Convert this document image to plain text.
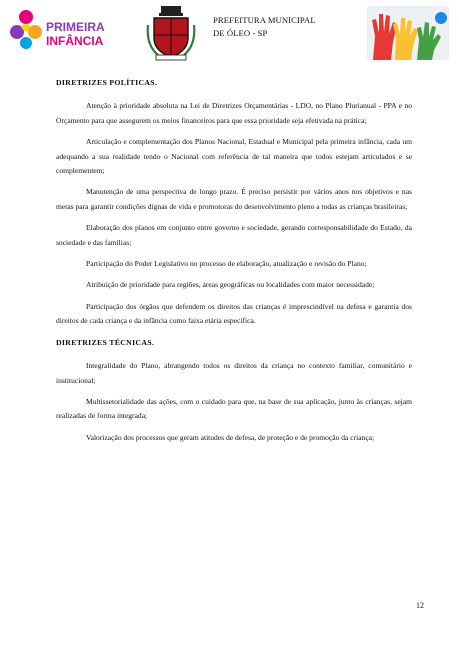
PRIMEIRA
INFÂNCIA
PREFEITURA MUNICIPAL
DE ÓLEO - SP
DIRETRIZES POLÍTICAS.

Atenção à prioridade absoluta na Lei de Diretrizes Orçamentárias - LDO, no Plano Plurianual - PPA e no Orçamento para que assegurem os meios financeiros para que essa prioridade seja efetivada na prática;

Articulação e complementação dos Planos Nacional, Estadual e Municipal pela primeira infância, cada um adequando a sua realidade tendo o Nacional com referência de tal maneira que todos estejam articulados e se complementem;

Manutenção de uma perspectiva de longo prazo. É preciso persistir por vários anos nos objetivos e nas metas para garantir condições dignas de vida e promotoras do desenvolvimento pleno a todas as crianças brasileiras;

Elaboração dos planos em conjunto entre governo e sociedade, gerando corresponsabilidade do Estado, da sociedade e das famílias;

Participação do Poder Legislativo no processo de elaboração, atualização e revisão do Plano;

Atribuição de prioridade para regiões, áreas geográficas ou localidades com maior necessidade;

Participação dos órgãos que defendem os direitos das crianças é imprescindível na defesa e garantia dos direitos de cada criança e da infância como faixa etária específica.

DIRETRIZES TÉCNICAS.

Integralidade do Plano, abrangendo todos os direitos da criança no contexto familiar, comunitário e institucional;

Multissetorialidade das ações, com o cuidado para que, na base de sua aplicação, junto às crianças, sejam realizadas de forma integrada;

Valorização dos processos que geram atitudes de defesa, de proteção e de promoção da criança;

12
